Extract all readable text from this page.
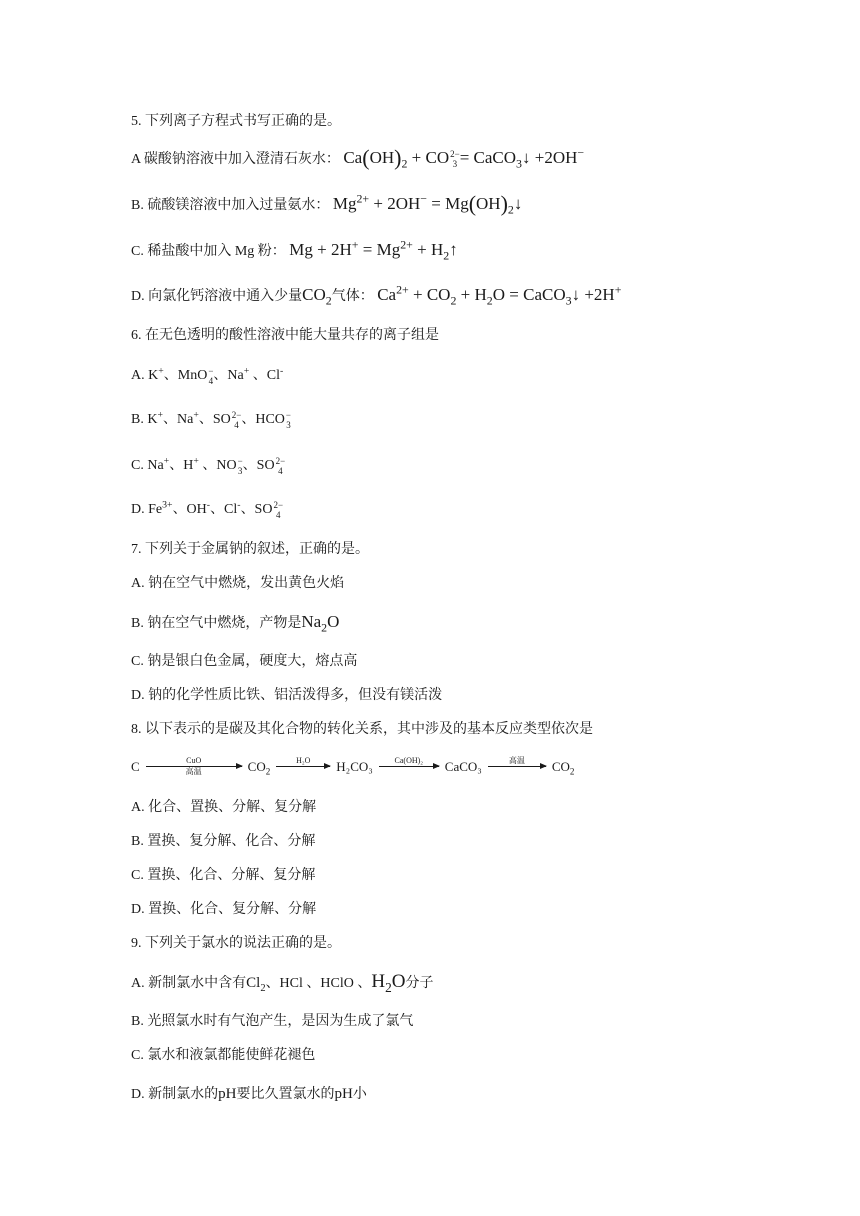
5. 下列离子方程式书写正确的是。
A 碳酸钠溶液中加入澄清石灰水： $Ca(OH)_2$ + CO 2−
3 = CaCO$_3$↓ +2OH−
B. 硫酸镁溶液中加入过量氨水： $Mg^{2+} + 2OH^-$ = $Mg(OH)_2↓$
C. 稀盐酸中加入 Mg 粉： $Mg + 2H^+ = Mg^{2+}$ + $H_2↑$
D. 向氯化钙溶液中通入少量$CO_2$气体： $Ca^{2+} + CO_2 + H_2O$ = CaCO$_3$↓ +2H+
6. 在无色透明的酸性溶液中能大量共存的离子组是
A. K+、MnO −
4 、Na+ 、Cl-
B. K+、Na+、SO 2−
4 、HCO −
3
C. Na+、H+ 、NO −
3 、SO 2−
4
D. $Fe^{3+}$、OH-、Cl-、SO 2−
4
7. 下列关于金属钠的叙述，正确的是。
A. 钠在空气中燃烧，发出黄色火焰
B. 钠在空气中燃烧，产物是$Na_2O$
C. 钠是银白色金属，硬度大，熔点高
D. 钠的化学性质比铁、铝活泼得多，但没有镁活泼
8. 以下表示的是碳及其化合物的转化关系，其中涉及的基本反应类型依次是
C	CuO
高温	$CO_2$
H₂O H₂CO₃	Ca(OH)₂ CaCO₃	高温 $CO_2$
A. 化合、置换、分解、复分解
B. 置换、复分解、化合、分解
C. 置换、化合、分解、复分解
D. 置换、化合、复分解、分解
9. 下列关于氯水的说法正确的是。
A. 新制氯水中含有$Cl_2$、HCl 、HClO 、$H_2O$分子
B. 光照氯水时有气泡产生，是因为生成了氯气
C. 氯水和液氯都能使鲜花褪色
D. 新制氯水的pH要比久置氯水的pH小
